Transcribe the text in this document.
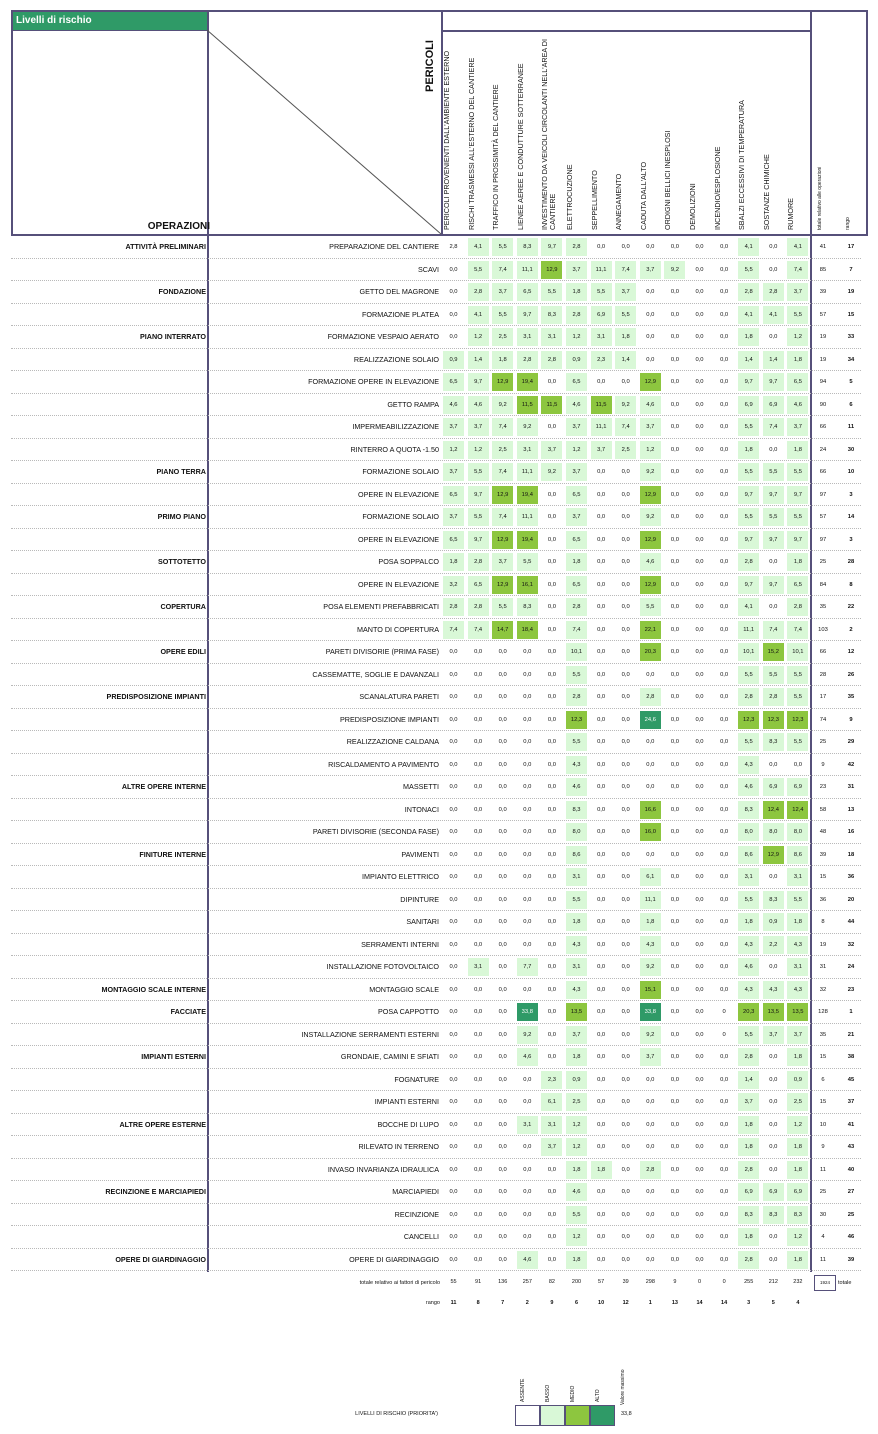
Livelli di rischio
PERICOLI
OPERAZIONI	PERICOLI PROVENIENTI DALL'AMBIENTE ESTERNO	RISCHI TRASMESSI ALL'ESTERNO DEL CANTIERE	TRAFFICO IN PROSSIMITÀ DEL CANTIERE	LIENEE AEREE E CONDUTTURE SOTTERRANEE	INVESTIMENTO DA VEICOLI CIRCOLANTI NELL'AREA DI CANTIERE	ELETTROCUZIONE	SEPPELLIMENTO	ANNEGAMENTO	CADUTA DALL'ALTO	ORDIGNI BELLICI INESPLOSI	DEMOLIZIONI	INCENDIO/ESPLOSIONE	SBALZI ECCESSIVI DI TEMPERATURA	SOSTANZE CHIMICHE	RUMORE	totale relativo alle operazioni	rango
ATTIVITÀ PRELIMINARI	PREPARAZIONE DEL CANTIERE	2,8	4,1	5,5	8,3	9,7	2,8	0,0	0,0	0,0	0,0	0,0	0,0	4,1	0,0	4,1	41	17
SCAVI	0,0	5,5	7,4	11,1	12,9	3,7	11,1	7,4	3,7	9,2	0,0	0,0	5,5	0,0	7,4	85	7
FONDAZIONE	GETTO DEL MAGRONE	0,0	2,8	3,7	6,5	5,5	1,8	5,5	3,7	0,0	0,0	0,0	0,0	2,8	2,8	3,7	39	19
FORMAZIONE PLATEA	0,0	4,1	5,5	9,7	8,3	2,8	6,9	5,5	0,0	0,0	0,0	0,0	4,1	4,1	5,5	57	15
PIANO INTERRATO	FORMAZIONE VESPAIO AERATO	0,0	1,2	2,5	3,1	3,1	1,2	3,1	1,8	0,0	0,0	0,0	0,0	1,8	0,0	1,2	19	33
REALIZZAZIONE SOLAIO	0,9	1,4	1,8	2,8	2,8	0,9	2,3	1,4	0,0	0,0	0,0	0,0	1,4	1,4	1,8	19	34
FORMAZIONE OPERE IN ELEVAZIONE	6,5	9,7	12,9	19,4	0,0	6,5	0,0	0,0	12,9	0,0	0,0	0,0	9,7	9,7	6,5	94	5
GETTO RAMPA	4,6	4,6	9,2	11,5	11,5	4,6	11,5	9,2	4,6	0,0	0,0	0,0	6,9	6,9	4,6	90	6
IMPERMEABILIZZAZIONE	3,7	3,7	7,4	9,2	0,0	3,7	11,1	7,4	3,7	0,0	0,0	0,0	5,5	7,4	3,7	66	11
RINTERRO A QUOTA -1.50	1,2	1,2	2,5	3,1	3,7	1,2	3,7	2,5	1,2	0,0	0,0	0,0	1,8	0,0	1,8	24	30
PIANO TERRA	FORMAZIONE SOLAIO	3,7	5,5	7,4	11,1	9,2	3,7	0,0	0,0	9,2	0,0	0,0	0,0	5,5	5,5	5,5	66	10
OPERE IN ELEVAZIONE	6,5	9,7	12,9	19,4	0,0	6,5	0,0	0,0	12,9	0,0	0,0	0,0	9,7	9,7	9,7	97	3
PRIMO PIANO	FORMAZIONE SOLAIO	3,7	5,5	7,4	11,1	0,0	3,7	0,0	0,0	9,2	0,0	0,0	0,0	5,5	5,5	5,5	57	14
OPERE IN ELEVAZIONE	6,5	9,7	12,9	19,4	0,0	6,5	0,0	0,0	12,9	0,0	0,0	0,0	9,7	9,7	9,7	97	3
SOTTOTETTO	POSA SOPPALCO	1,8	2,8	3,7	5,5	0,0	1,8	0,0	0,0	4,6	0,0	0,0	0,0	2,8	0,0	1,8	25	28
OPERE IN ELEVAZIONE	3,2	6,5	12,9	16,1	0,0	6,5	0,0	0,0	12,9	0,0	0,0	0,0	9,7	9,7	6,5	84	8
COPERTURA	POSA ELEMENTI PREFABBRICATI	2,8	2,8	5,5	8,3	0,0	2,8	0,0	0,0	5,5	0,0	0,0	0,0	4,1	0,0	2,8	35	22
MANTO DI COPERTURA	7,4	7,4	14,7	18,4	0,0	7,4	0,0	0,0	22,1	0,0	0,0	0,0	11,1	7,4	7,4	103	2
OPERE EDILI	PARETI DIVISORIE (PRIMA FASE)	0,0	0,0	0,0	0,0	0,0	10,1	0,0	0,0	20,3	0,0	0,0	0,0	10,1	15,2	10,1	66	12
CASSEMATTE, SOGLIE E DAVANZALI	0,0	0,0	0,0	0,0	0,0	5,5	0,0	0,0	0,0	0,0	0,0	0,0	5,5	5,5	5,5	28	26
PREDISPOSIZIONE IMPIANTI	SCANALATURA PARETI	0,0	0,0	0,0	0,0	0,0	2,8	0,0	0,0	2,8	0,0	0,0	0,0	2,8	2,8	5,5	17	35
PREDISPOSIZIONE IMPIANTI	0,0	0,0	0,0	0,0	0,0	12,3	0,0	0,0	24,6	0,0	0,0	0,0	12,3	12,3	12,3	74	9
REALIZZAZIONE CALDANA	0,0	0,0	0,0	0,0	0,0	5,5	0,0	0,0	0,0	0,0	0,0	0,0	5,5	8,3	5,5	25	29
RISCALDAMENTO A PAVIMENTO	0,0	0,0	0,0	0,0	0,0	4,3	0,0	0,0	0,0	0,0	0,0	0,0	4,3	0,0	0,0	9	42
ALTRE OPERE INTERNE	MASSETTI	0,0	0,0	0,0	0,0	0,0	4,6	0,0	0,0	0,0	0,0	0,0	0,0	4,6	6,9	6,9	23	31
INTONACI	0,0	0,0	0,0	0,0	0,0	8,3	0,0	0,0	16,6	0,0	0,0	0,0	8,3	12,4	12,4	58	13
PARETI DIVISORIE (SECONDA FASE)	0,0	0,0	0,0	0,0	0,0	8,0	0,0	0,0	16,0	0,0	0,0	0,0	8,0	8,0	8,0	48	16
FINITURE INTERNE	PAVIMENTI	0,0	0,0	0,0	0,0	0,0	8,6	0,0	0,0	0,0	0,0	0,0	0,0	8,6	12,9	8,6	39	18
IMPIANTO ELETTRICO	0,0	0,0	0,0	0,0	0,0	3,1	0,0	0,0	6,1	0,0	0,0	0,0	3,1	0,0	3,1	15	36
DIPINTURE	0,0	0,0	0,0	0,0	0,0	5,5	0,0	0,0	11,1	0,0	0,0	0,0	5,5	8,3	5,5	36	20
SANITARI	0,0	0,0	0,0	0,0	0,0	1,8	0,0	0,0	1,8	0,0	0,0	0,0	1,8	0,9	1,8	8	44
SERRAMENTI INTERNI	0,0	0,0	0,0	0,0	0,0	4,3	0,0	0,0	4,3	0,0	0,0	0,0	4,3	2,2	4,3	19	32
INSTALLAZIONE FOTOVOLTAICO	0,0	3,1	0,0	7,7	0,0	3,1	0,0	0,0	9,2	0,0	0,0	0,0	4,6	0,0	3,1	31	24
MONTAGGIO SCALE INTERNE	MONTAGGIO SCALE	0,0	0,0	0,0	0,0	0,0	4,3	0,0	0,0	15,1	0,0	0,0	0,0	4,3	4,3	4,3	32	23
FACCIATE	POSA CAPPOTTO	0,0	0,0	0,0	33,8	0,0	13,5	0,0	0,0	33,8	0,0	0,0	0	20,3	13,5	13,5	128	1
INSTALLAZIONE SERRAMENTI ESTERNI	0,0	0,0	0,0	9,2	0,0	3,7	0,0	0,0	9,2	0,0	0,0	0	5,5	3,7	3,7	35	21
IMPIANTI ESTERNI	GRONDAIE, CAMINI E SFIATI	0,0	0,0	0,0	4,6	0,0	1,8	0,0	0,0	3,7	0,0	0,0	0,0	2,8	0,0	1,8	15	38
FOGNATURE	0,0	0,0	0,0	0,0	2,3	0,9	0,0	0,0	0,0	0,0	0,0	0,0	1,4	0,0	0,9	6	45
IMPIANTI ESTERNI	0,0	0,0	0,0	0,0	6,1	2,5	0,0	0,0	0,0	0,0	0,0	0,0	3,7	0,0	2,5	15	37
ALTRE OPERE ESTERNE	BOCCHE DI LUPO	0,0	0,0	0,0	3,1	3,1	1,2	0,0	0,0	0,0	0,0	0,0	0,0	1,8	0,0	1,2	10	41
RILEVATO IN TERRENO	0,0	0,0	0,0	0,0	3,7	1,2	0,0	0,0	0,0	0,0	0,0	0,0	1,8	0,0	1,8	9	43
INVASO INVARIANZA IDRAULICA	0,0	0,0	0,0	0,0	0,0	1,8	1,8	0,0	2,8	0,0	0,0	0,0	2,8	0,0	1,8	11	40
RECINZIONE E MARCIAPIEDI	MARCIAPIEDI	0,0	0,0	0,0	0,0	0,0	4,6	0,0	0,0	0,0	0,0	0,0	0,0	6,9	6,9	6,9	25	27
RECINZIONE	0,0	0,0	0,0	0,0	0,0	5,5	0,0	0,0	0,0	0,0	0,0	0,0	8,3	8,3	8,3	30	25
CANCELLI	0,0	0,0	0,0	0,0	0,0	1,2	0,0	0,0	0,0	0,0	0,0	0,0	1,8	0,0	1,2	4	46
OPERE DI GIARDINAGGIO	OPERE DI GIARDINAGGIO	0,0	0,0	0,0	4,6	0,0	1,8	0,0	0,0	0,0	0,0	0,0	0,0	2,8	0,0	1,8	11	39
totale relativo ai fattori di pericolo	55	91	136	257	82	200	57	39	298	9	0	0	255	212	232	1924	totale
rango	11	8	7	2	9	6	10	12	1	13	14	14	3	5	4
LIVELLI DI RISCHIO (PRIORITA')
ASSENTE	BASSO	MEDIO	ALTO	Valore massimo
33,8
